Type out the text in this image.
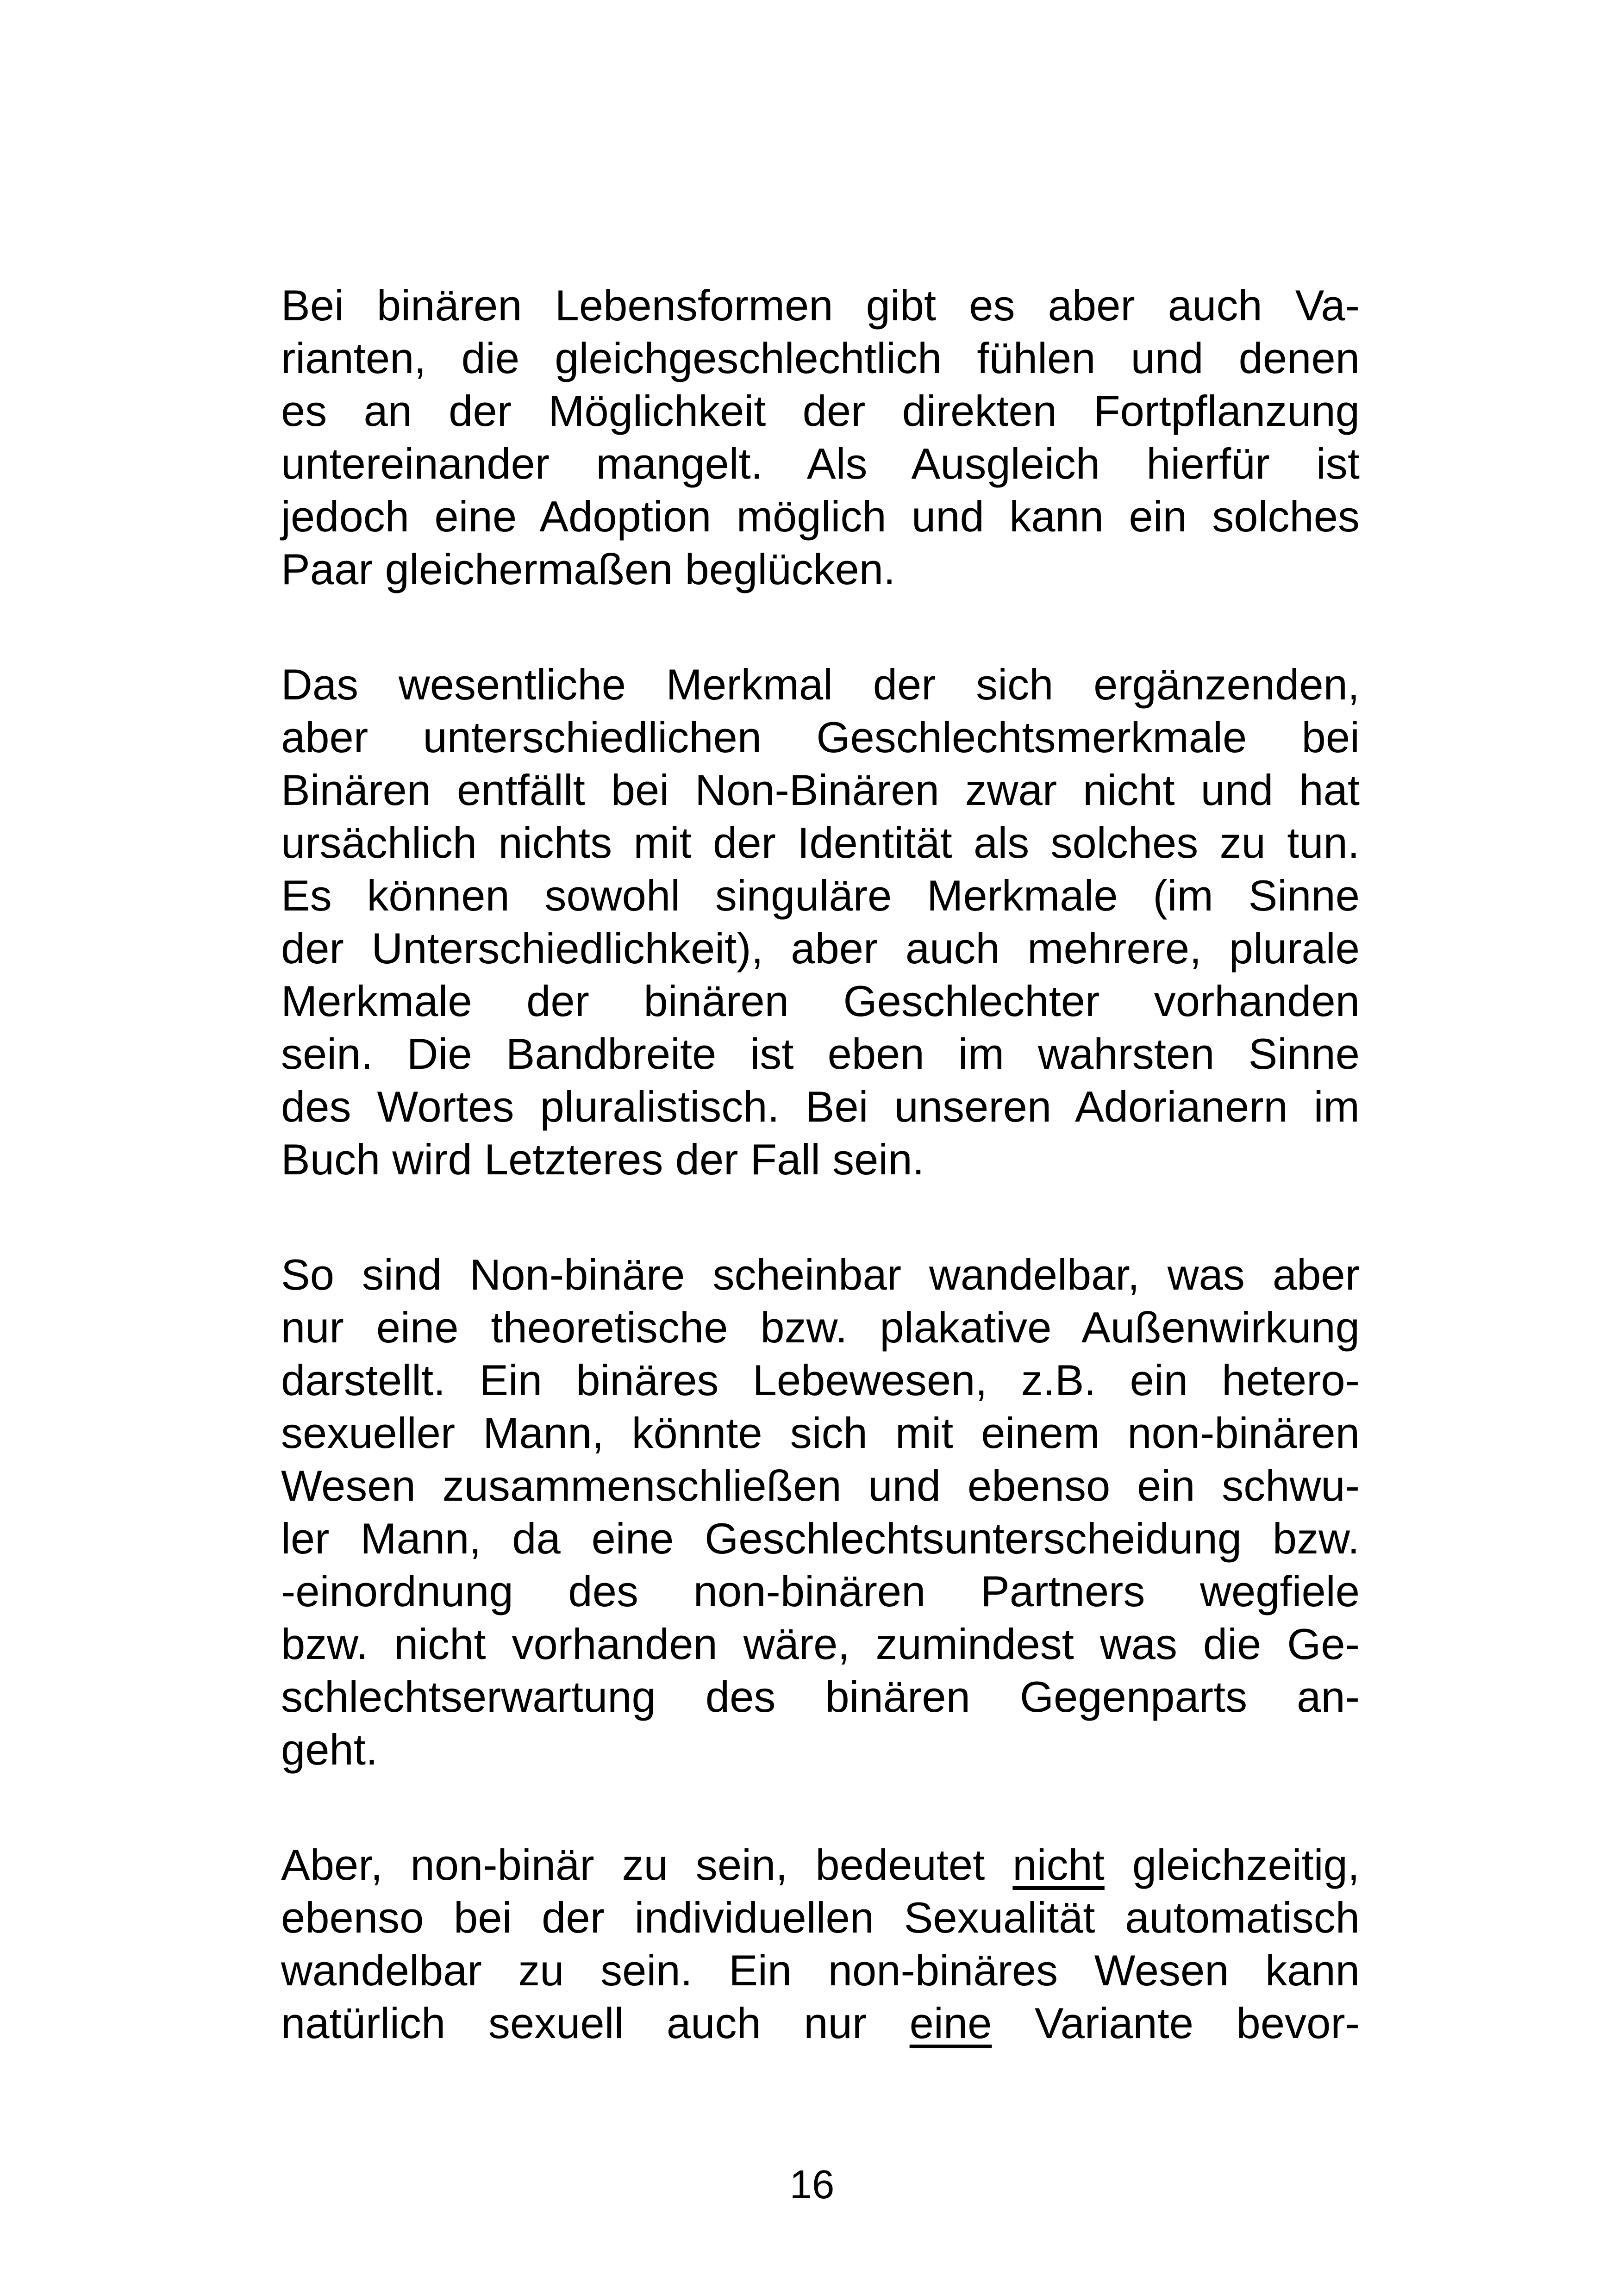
Bei binären Lebensformen gibt es aber auch Va-
rianten, die gleichgeschlechtlich fühlen und denen
es an der Möglichkeit der direkten Fortpflanzung
untereinander mangelt. Als Ausgleich hierfür ist
jedoch eine Adoption möglich und kann ein solches
Paar gleichermaßen beglücken.
Das wesentliche Merkmal der sich ergänzenden,
aber unterschiedlichen Geschlechtsmerkmale bei
Binären entfällt bei Non-Binären zwar nicht und hat
ursächlich nichts mit der Identität als solches zu tun.
Es können sowohl singuläre Merkmale (im Sinne
der Unterschiedlichkeit), aber auch mehrere, plurale
Merkmale der binären Geschlechter vorhanden
sein. Die Bandbreite ist eben im wahrsten Sinne
des Wortes pluralistisch. Bei unseren Adorianern im
Buch wird Letzteres der Fall sein.
So sind Non-binäre scheinbar wandelbar, was aber
nur eine theoretische bzw. plakative Außenwirkung
darstellt. Ein binäres Lebewesen, z.B. ein hetero-
sexueller Mann, könnte sich mit einem non-binären
Wesen zusammenschließen und ebenso ein schwu-
ler Mann, da eine Geschlechtsunterscheidung bzw.
-einordnung des non-binären Partners wegfiele
bzw. nicht vorhanden wäre, zumindest was die Ge-
schlechtserwartung des binären Gegenparts an-
geht.
Aber, non-binär zu sein, bedeutet nicht gleichzeitig,
ebenso bei der individuellen Sexualität automatisch
wandelbar zu sein. Ein non-binäres Wesen kann
natürlich sexuell auch nur eine Variante bevor-
16
